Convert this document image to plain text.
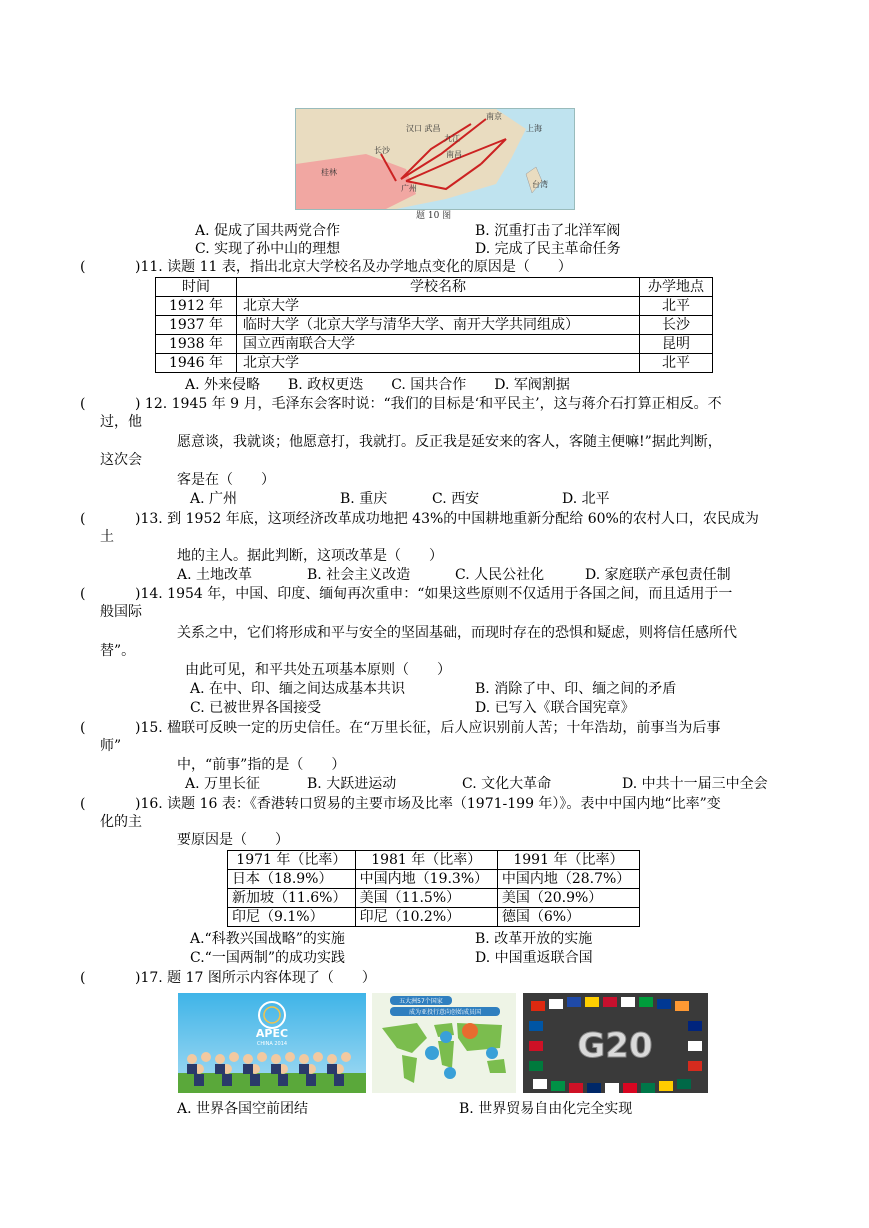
南京
汉口 武昌
九江
长沙	南昌
广州
上海
桂林
台湾
题 10 图
A. 促成了国共两党合作	B. 沉重打击了北洋军阀
C. 实现了孙中山的理想	D. 完成了民主革命任务
(	)11. 读题 11 表，指出北京大学校名及办学地点变化的原因是（　　）
时间	学校名称	办学地点
1912 年	北京大学	北平
1937 年	临时大学（北京大学与清华大学、南开大学共同组成）	长沙
1938 年	国立西南联合大学	昆明
1946 年	北京大学	北平
A. 外来侵略　　B. 政权更迭　　C. 国共合作　　D. 军阀割据
(	) 12. 1945 年 9 月，毛泽东会客时说：“我们的目标是‘和平民主’，这与蒋介石打算正相反。不
过，他
愿意谈，我就谈；他愿意打，我就打。反正我是延安来的客人，客随主便嘛!”据此判断，
这次会
客是在（　　）
A. 广州	B. 重庆	C. 西安	D. 北平
(	)13. 到 1952 年底，这项经济改革成功地把 43%的中国耕地重新分配给 60%的农村人口，农民成为
土
地的主人。据此判断，这项改革是（　　）
A. 土地改革	B. 社会主义改造	C. 人民公社化	D. 家庭联产承包责任制
(	)14. 1954 年，中国、印度、缅甸再次重申：“如果这些原则不仅适用于各国之间，而且适用于一
般国际
关系之中，它们将形成和平与安全的坚固基础，而现时存在的恐惧和疑虑，则将信任感所代
替”。
由此可见，和平共处五项基本原则（　　）
A. 在中、印、缅之间达成基本共识	B. 消除了中、印、缅之间的矛盾
C. 已被世界各国接受	D. 已写入《联合国宪章》
(	)15. 楹联可反映一定的历史信任。在“万里长征，后人应识别前人苦；十年浩劫，前事当为后事
师”
中，“前事”指的是（　　）
A. 万里长征	B. 大跃进运动	C. 文化大革命	D. 中共十一届三中全会
(	)16. 读题 16 表：《香港转口贸易的主要市场及比率（1971-199 年）》。表中中国内地“比率”变
化的主
要原因是（　　）
1971 年（比率）	1981 年（比率）	1991 年（比率）
日本（18.9%）	中国内地（19.3%）	中国内地（28.7%）
新加坡（11.6%）	美国（11.5%）	美国（20.9%）
印尼（9.1%）	印尼（10.2%）	德国（6%）
A.“科教兴国战略”的实施	B. 改革开放的实施
C.“一国两制”的成功实践	D. 中国重返联合国
(	)17. 题 17 图所示内容体现了（　　）
APEC
CHINA 2014
五大洲57个国家
成为亚投行意向创始成员国
G20
A. 世界各国空前团结	B. 世界贸易自由化完全实现
